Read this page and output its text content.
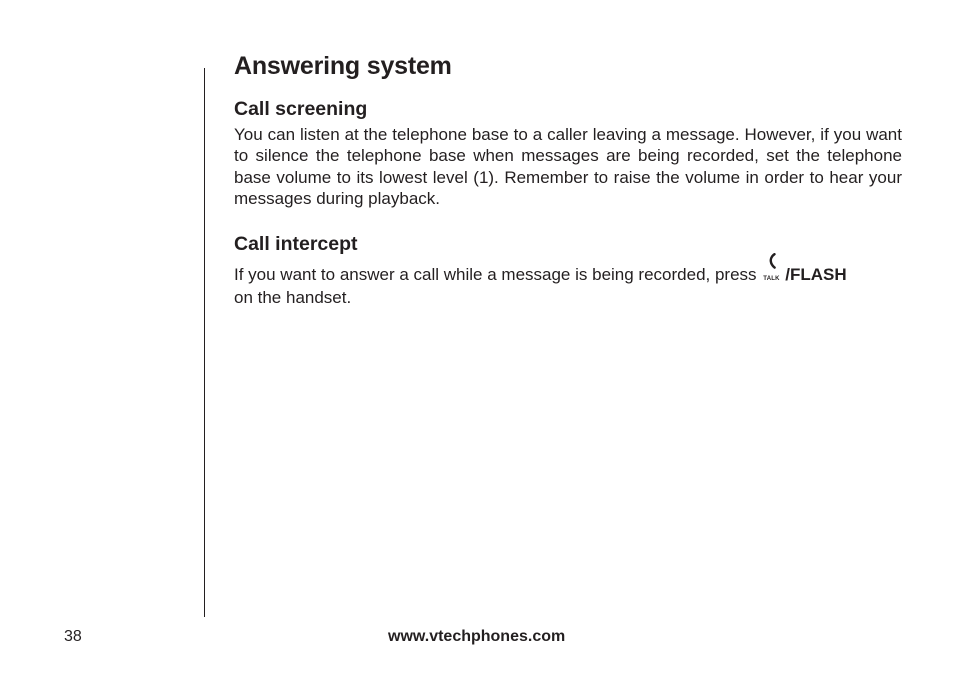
Answering system
Call screening

You can listen at the telephone base to a caller leaving a message. However, if you want to silence the telephone base when messages are being recorded, set the telephone base volume to its lowest level (1). Remember to raise the volume in order to hear your messages during playback.

Call intercept

If you want to answer a call while a message is being recorded, press TALK /FLASH
on the handset.

38	www.vtechphones.com
